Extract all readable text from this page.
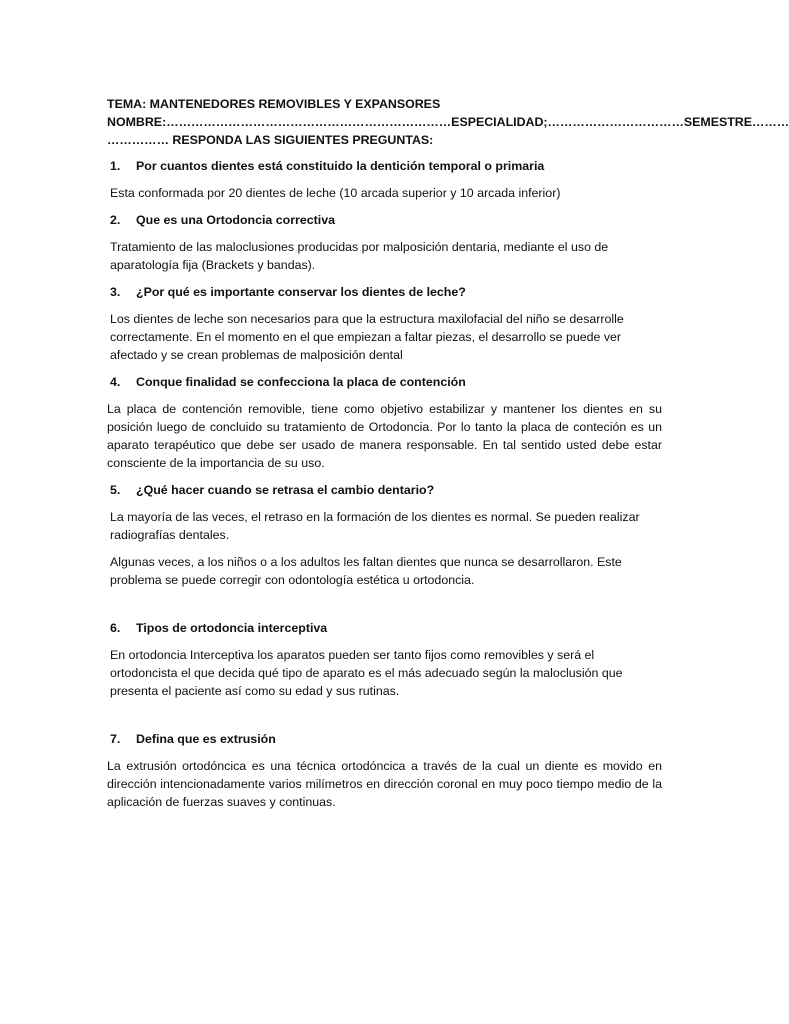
TEMA: MANTENEDORES REMOVIBLES Y EXPANSORES

NOMBRE:……………………………………………………………ESPECIALIDAD;……………………………SEMESTRE………

…………… RESPONDA LAS SIGUIENTES PREGUNTAS:

1.	Por cuantos dientes está constituido la dentición temporal o primaria

Esta conformada por 20 dientes de leche (10 arcada superior y 10 arcada inferior)

2.	Que es una Ortodoncia correctiva

Tratamiento de las maloclusiones producidas por malposición dentaria, mediante el uso de aparatología fija (Brackets y bandas).

3.	¿Por qué es importante conservar los dientes de leche?

Los dientes de leche son necesarios para que la estructura maxilofacial del niño se desarrolle correctamente. En el momento en el que empiezan a faltar piezas, el desarrollo se puede ver afectado y se crean problemas de malposición dental

4.	Conque finalidad se confecciona la placa de contención

La placa de contención removible, tiene como objetivo estabilizar y mantener los dientes en su posición luego de concluido su tratamiento de Ortodoncia. Por lo tanto la placa de conteción es un aparato terapéutico que debe ser usado de manera responsable. En tal sentido usted debe estar consciente de la importancia de su uso.

5.	¿Qué hacer cuando se retrasa el cambio dentario?

La mayoría de las veces, el retraso en la formación de los dientes es normal. Se pueden realizar radiografías dentales.

Algunas veces, a los niños o a los adultos les faltan dientes que nunca se desarrollaron. Este problema se puede corregir con odontología estética u ortodoncia.

6.	Tipos de ortodoncia interceptiva

En ortodoncia Interceptiva los aparatos pueden ser tanto fijos como removibles y será el ortodoncista el que decida qué tipo de aparato es el más adecuado según la maloclusión que presenta el paciente así como su edad y sus rutinas.

7.	Defina que es extrusión

La extrusión ortodóncica es una técnica ortodóncica a través de la cual un diente es movido en dirección intencionadamente varios milímetros en dirección coronal en muy poco tiempo medio de la aplicación de fuerzas suaves y continuas.
